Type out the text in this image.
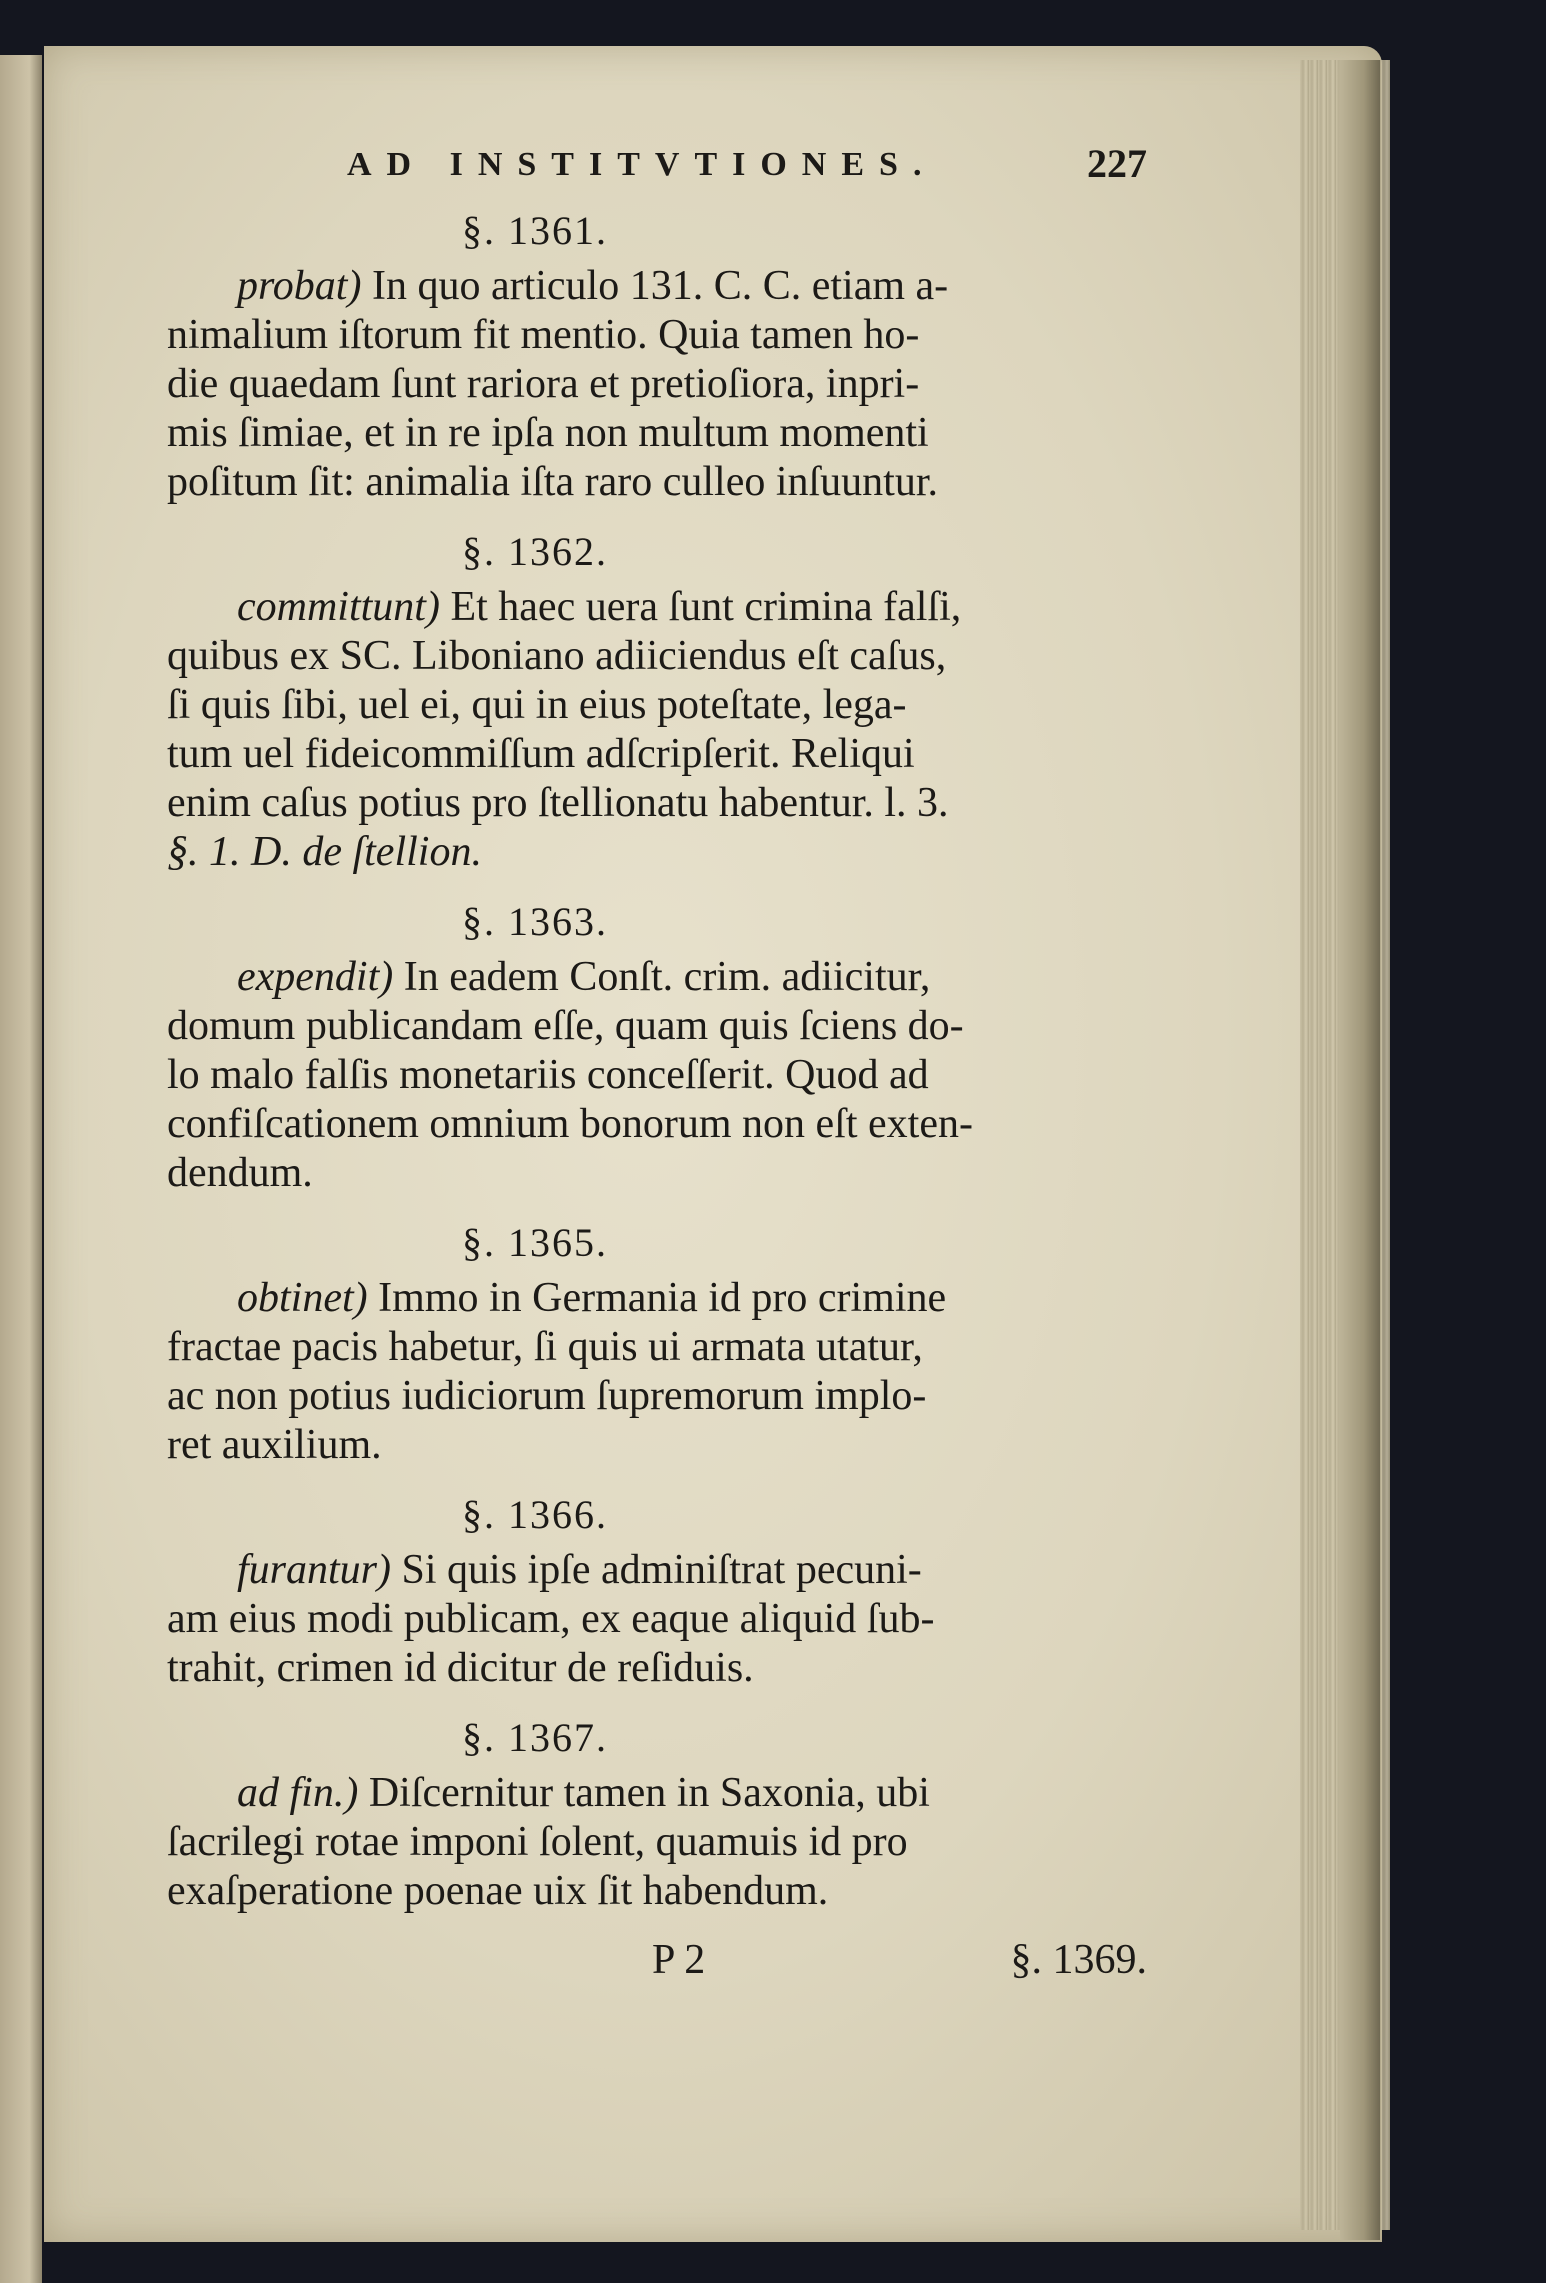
AD INSTITVTIONES.	227
§. 1361.
probat) In quo articulo 131. C. C. etiam a-
nimalium iſtorum fit mentio. Quia tamen ho-
die quaedam ſunt rariora et pretioſiora, inpri-
mis ſimiae, et in re ipſa non multum momenti
poſitum ſit: animalia iſta raro culleo inſuuntur.
§. 1362.
committunt) Et haec uera ſunt crimina falſi,
quibus ex SC. Liboniano adiiciendus eſt caſus,
ſi quis ſibi, uel ei, qui in eius poteſtate, lega-
tum uel fideicommiſſum adſcripſerit. Reliqui
enim caſus potius pro ſtellionatu habentur. l. 3.
§. 1. D. de ſtellion.
§. 1363.
expendit) In eadem Conſt. crim. adiicitur,
domum publicandam eſſe, quam quis ſciens do-
lo malo falſis monetariis conceſſerit. Quod ad
confiſcationem omnium bonorum non eſt exten-
dendum.
§. 1365.
obtinet) Immo in Germania id pro crimine
fractae pacis habetur, ſi quis ui armata utatur,
ac non potius iudiciorum ſupremorum implo-
ret auxilium.
§. 1366.
furantur) Si quis ipſe adminiſtrat pecuni-
am eius modi publicam, ex eaque aliquid ſub-
trahit, crimen id dicitur de reſiduis.
§. 1367.
ad fin.) Diſcernitur tamen in Saxonia, ubi
ſacrilegi rotae imponi ſolent, quamuis id pro
exaſperatione poenae uix ſit habendum.
P 2	§. 1369.
